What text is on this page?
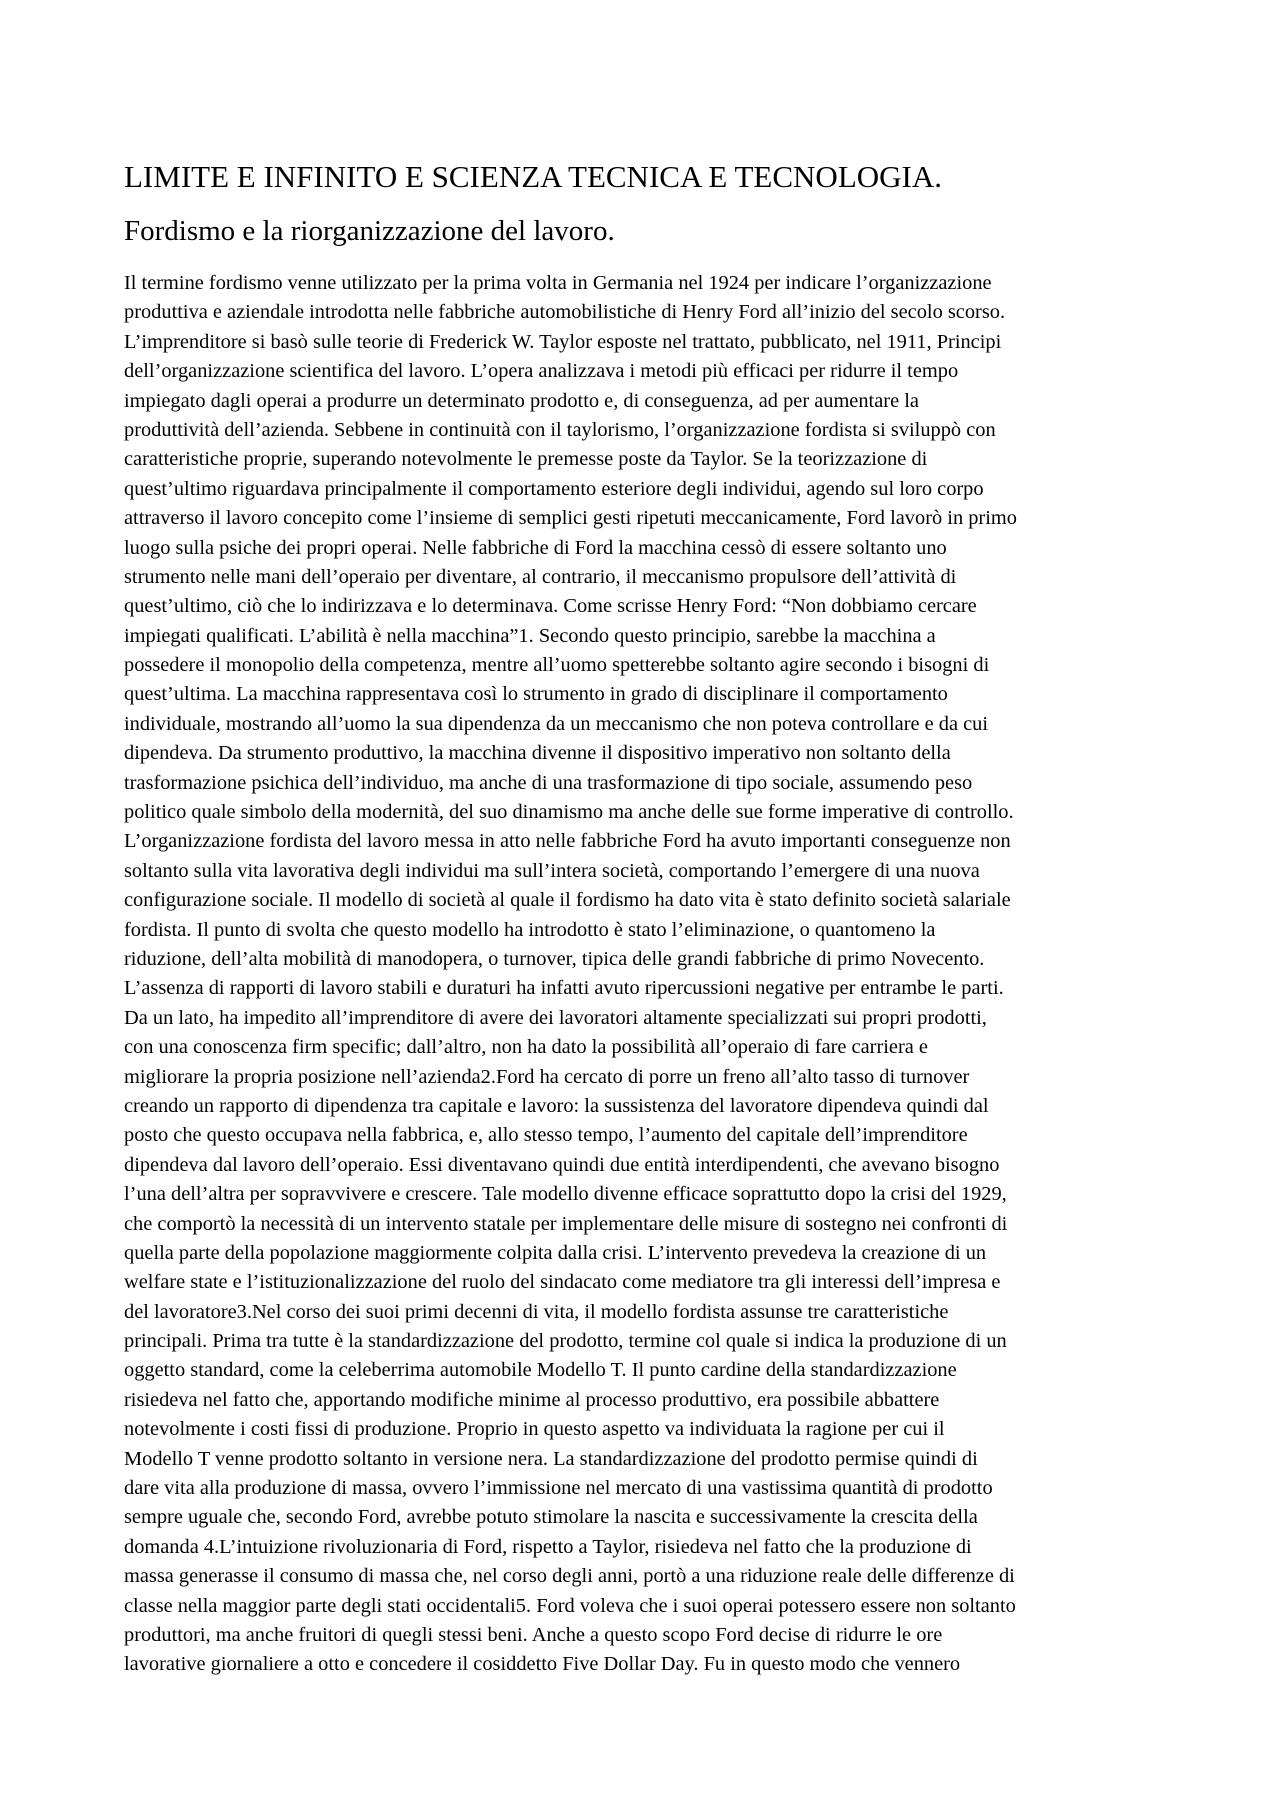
LIMITE E INFINITO E SCIENZA TECNICA E TECNOLOGIA.
Fordismo e la riorganizzazione del lavoro.
Il termine fordismo venne utilizzato per la prima volta in Germania nel 1924 per indicare l’organizzazione
produttiva e aziendale introdotta nelle fabbriche automobilistiche di Henry Ford all’inizio del secolo scorso.
L’imprenditore si basò sulle teorie di Frederick W. Taylor esposte nel trattato, pubblicato, nel 1911, Principi
dell’organizzazione scientifica del lavoro. L’opera analizzava i metodi più efficaci per ridurre il tempo
impiegato dagli operai a produrre un determinato prodotto e, di conseguenza, ad per aumentare la
produttività dell’azienda. Sebbene in continuità con il taylorismo, l’organizzazione fordista si sviluppò con
caratteristiche proprie, superando notevolmente le premesse poste da Taylor. Se la teorizzazione di
quest’ultimo riguardava principalmente il comportamento esteriore degli individui, agendo sul loro corpo
attraverso il lavoro concepito come l’insieme di semplici gesti ripetuti meccanicamente, Ford lavorò in primo
luogo sulla psiche dei propri operai. Nelle fabbriche di Ford la macchina cessò di essere soltanto uno
strumento nelle mani dell’operaio per diventare, al contrario, il meccanismo propulsore dell’attività di
quest’ultimo, ciò che lo indirizzava e lo determinava. Come scrisse Henry Ford: “Non dobbiamo cercare
impiegati qualificati. L’abilità è nella macchina”1. Secondo questo principio, sarebbe la macchina a
possedere il monopolio della competenza, mentre all’uomo spetterebbe soltanto agire secondo i bisogni di
quest’ultima. La macchina rappresentava così lo strumento in grado di disciplinare il comportamento
individuale, mostrando all’uomo la sua dipendenza da un meccanismo che non poteva controllare e da cui
dipendeva. Da strumento produttivo, la macchina divenne il dispositivo imperativo non soltanto della
trasformazione psichica dell’individuo, ma anche di una trasformazione di tipo sociale, assumendo peso
politico quale simbolo della modernità, del suo dinamismo ma anche delle sue forme imperative di controllo.
L’organizzazione fordista del lavoro messa in atto nelle fabbriche Ford ha avuto importanti conseguenze non
soltanto sulla vita lavorativa degli individui ma sull’intera società, comportando l’emergere di una nuova
configurazione sociale. Il modello di società al quale il fordismo ha dato vita è stato definito società salariale
fordista. Il punto di svolta che questo modello ha introdotto è stato l’eliminazione, o quantomeno la
riduzione, dell’alta mobilità di manodopera, o turnover, tipica delle grandi fabbriche di primo Novecento.
L’assenza di rapporti di lavoro stabili e duraturi ha infatti avuto ripercussioni negative per entrambe le parti.
Da un lato, ha impedito all’imprenditore di avere dei lavoratori altamente specializzati sui propri prodotti,
con una conoscenza firm specific; dall’altro, non ha dato la possibilità all’operaio di fare carriera e
migliorare la propria posizione nell’azienda2.Ford ha cercato di porre un freno all’alto tasso di turnover
creando un rapporto di dipendenza tra capitale e lavoro: la sussistenza del lavoratore dipendeva quindi dal
posto che questo occupava nella fabbrica, e, allo stesso tempo, l’aumento del capitale dell’imprenditore
dipendeva dal lavoro dell’operaio. Essi diventavano quindi due entità interdipendenti, che avevano bisogno
l’una dell’altra per sopravvivere e crescere. Tale modello divenne efficace soprattutto dopo la crisi del 1929,
che comportò la necessità di un intervento statale per implementare delle misure di sostegno nei confronti di
quella parte della popolazione maggiormente colpita dalla crisi. L’intervento prevedeva la creazione di un
welfare state e l’istituzionalizzazione del ruolo del sindacato come mediatore tra gli interessi dell’impresa e
del lavoratore3.Nel corso dei suoi primi decenni di vita, il modello fordista assunse tre caratteristiche
principali. Prima tra tutte è la standardizzazione del prodotto, termine col quale si indica la produzione di un
oggetto standard, come la celeberrima automobile Modello T. Il punto cardine della standardizzazione
risiedeva nel fatto che, apportando modifiche minime al processo produttivo, era possibile abbattere
notevolmente i costi fissi di produzione. Proprio in questo aspetto va individuata la ragione per cui il
Modello T venne prodotto soltanto in versione nera. La standardizzazione del prodotto permise quindi di
dare vita alla produzione di massa, ovvero l’immissione nel mercato di una vastissima quantità di prodotto
sempre uguale che, secondo Ford, avrebbe potuto stimolare la nascita e successivamente la crescita della
domanda 4.L’intuizione rivoluzionaria di Ford, rispetto a Taylor, risiedeva nel fatto che la produzione di
massa generasse il consumo di massa che, nel corso degli anni, portò a una riduzione reale delle differenze di
classe nella maggior parte degli stati occidentali5. Ford voleva che i suoi operai potessero essere non soltanto
produttori, ma anche fruitori di quegli stessi beni. Anche a questo scopo Ford decise di ridurre le ore
lavorative giornaliere a otto e concedere il cosiddetto Five Dollar Day. Fu in questo modo che vennero
